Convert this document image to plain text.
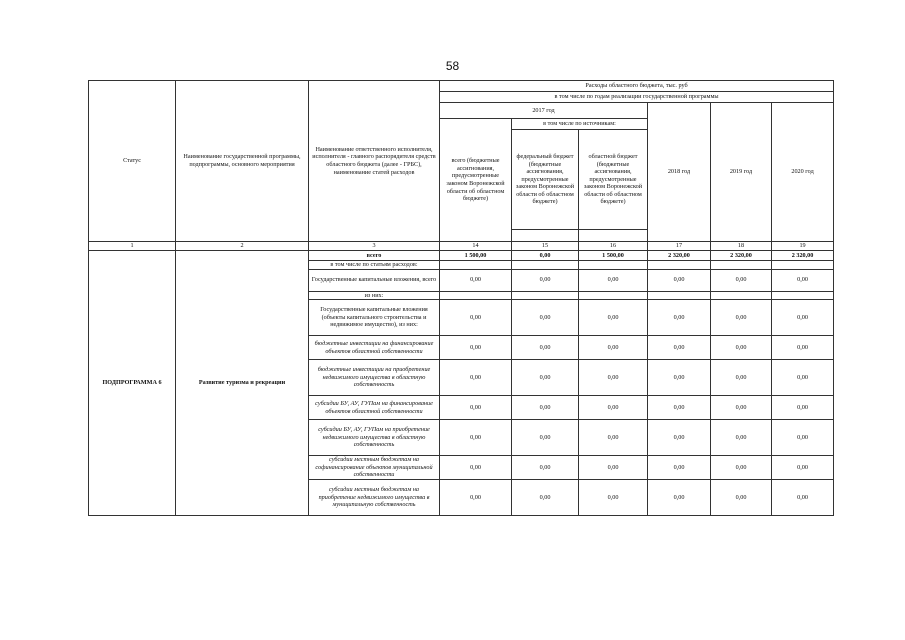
58
Статус	Наименование государственной программы, подпрограммы, основного мероприятия	Наименование ответственного исполнителя, исполнителя - главного распорядителя средств областного бюджета (далее - ГРБС), наименование статей расходов	Расходы областного бюджета, тыс. руб					
			в том числе по годам реализации государственной программы					
			2017 год			2018 год	2019 год	2020 год
			всего (бюджетные ассигнования, предусмотренные законом Воронежской области об областном бюджете)	в том числе по источникам:				
				федеральный бюджет (бюджетные ассигнования, предусмотренные законом Воронежской области об областном бюджете)	областной бюджет (бюджетные ассигнования, предусмотренные законом Воронежской области об областном бюджете)			

1	2	3	14	15	16	17	18	19
ПОДПРОГРАММА 6	Развитие туризма и рекреации	всего	1 500,00	0,00	1 500,00	2 320,00	2 320,00	2 320,00
		в том числе по статьям расходов:						
		Государственные капитальные вложения, всего	0,00	0,00	0,00	0,00	0,00	0,00
		из них:						
		Государственные капитальные вложения (объекты капитального строительства и недвижимое имущество), из них:	0,00	0,00	0,00	0,00	0,00	0,00
		бюджетные инвестиции на финансирование объектов областной собственности	0,00	0,00	0,00	0,00	0,00	0,00
		бюджетные инвестиции на приобретение недвижимого имущества в областную собственность	0,00	0,00	0,00	0,00	0,00	0,00
		субсидии БУ, АУ, ГУПам на финансирование объектов областной собственности	0,00	0,00	0,00	0,00	0,00	0,00
		субсидии БУ, АУ, ГУПам на приобретение недвижимого имущества в областную собственность	0,00	0,00	0,00	0,00	0,00	0,00
		субсидии местным бюджетам на софинансирование объектов муниципальной собственности	0,00	0,00	0,00	0,00	0,00	0,00
		субсидии местным бюджетам на приобретение недвижимого имущества в муниципальную собственность	0,00	0,00	0,00	0,00	0,00	0,00
